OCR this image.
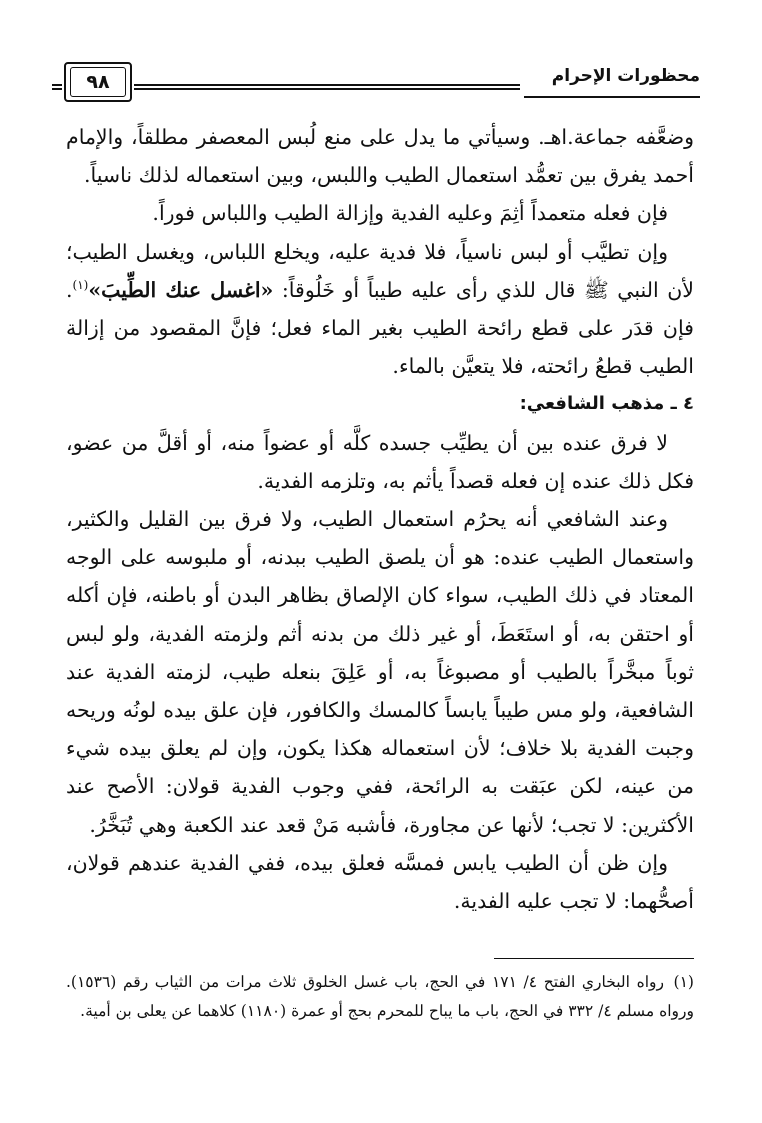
محظورات الإحرام
٩٨

وضعَّفه جماعة.اهـ. وسيأتي ما يدل على منع لُبس المعصفر مطلقاً، والإمام أحمد يفرق بين تعمُّد استعمال الطيب واللبس، وبين استعماله لذلك ناسياً.

فإن فعله متعمداً أثِمَ وعليه الفدية وإزالة الطيب واللباس فوراً.

وإن تطيَّب أو لبس ناسياً، فلا فدية عليه، ويخلع اللباس، ويغسل الطيب؛ لأن النبي ﷺ قال للذي رأى عليه طيباً أو خَلُوقاً: «اغسل عنك الطِّيبَ»$^{(١)}$. فإن قدَر على قطع رائحة الطيب بغير الماء فعل؛ فإنَّ المقصود من إزالة الطيب قطعُ رائحته، فلا يتعيَّن بالماء.

٤ ـ مذهب الشافعي:

لا فرق عنده بين أن يطيِّب جسده كلَّه أو عضواً منه، أو أقلَّ من عضو، فكل ذلك عنده إن فعله قصداً يأثم به، وتلزمه الفدية.

وعند الشافعي أنه يحرُم استعمال الطيب، ولا فرق بين القليل والكثير، واستعمال الطيب عنده: هو أن يلصق الطيب ببدنه، أو ملبوسه على الوجه المعتاد في ذلك الطيب، سواء كان الإلصاق بظاهر البدن أو باطنه، فإن أكله أو احتقن به، أو استَعَطَ، أو غير ذلك من بدنه أثم ولزمته الفدية، ولو لبس ثوباً مبخَّراً بالطيب أو مصبوغاً به، أو عَلِقَ بنعله طيب، لزمته الفدية عند الشافعية، ولو مس طيباً يابساً كالمسك والكافور، فإن علق بيده لونُه وريحه وجبت الفدية بلا خلاف؛ لأن استعماله هكذا يكون، وإن لم يعلق بيده شيء من عينه، لكن عبَقت به الرائحة، ففي وجوب الفدية قولان: الأصح عند الأكثرين: لا تجب؛ لأنها عن مجاورة، فأشبه مَنْ قعد عند الكعبة وهي تُبَخَّرُ.

وإن ظن أن الطيب يابس فمسَّه فعلق بيده، ففي الفدية عندهم قولان، أصحُّهما: لا تجب عليه الفدية.

(١)رواه البخاري الفتح ٤/ ١٧١ في الحج، باب غسل الخلوق ثلاث مرات من الثياب رقم (١٥٣٦). ورواه مسلم ٤/ ٣٣٢ في الحج، باب ما يباح للمحرم بحج أو عمرة (١١٨٠) كلاهما عن يعلى بن أمية.
